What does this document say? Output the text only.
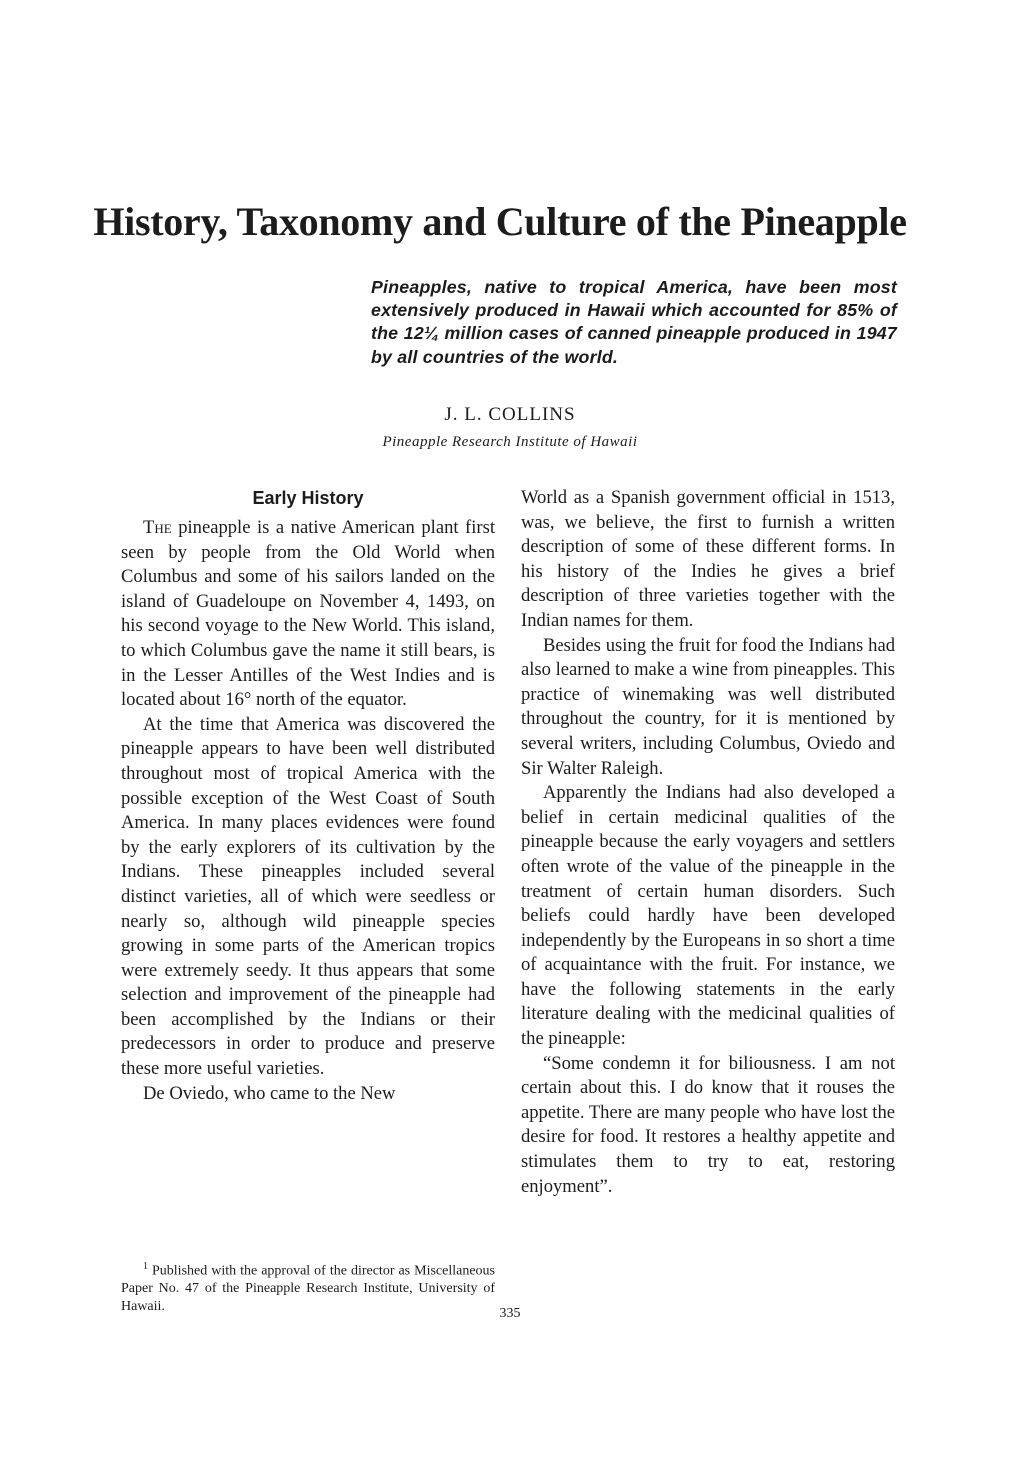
History, Taxonomy and Culture of the Pineapple

Pineapples, native to tropical America, have been most extensively produced in Hawaii which accounted for 85% of the 12¼ million cases of canned pineapple produced in 1947 by all countries of the world.

J. L. COLLINS
Pineapple Research Institute of Hawaii
Early History

The pineapple is a native American plant first seen by people from the Old World when Columbus and some of his sailors landed on the island of Guadeloupe on November 4, 1493, on his second voyage to the New World. This island, to which Columbus gave the name it still bears, is in the Lesser Antilles of the West Indies and is located about 16° north of the equator.

At the time that America was discovered the pineapple appears to have been well distributed throughout most of tropical America with the possible exception of the West Coast of South America. In many places evidences were found by the early explorers of its cultivation by the Indians. These pineapples included several distinct varieties, all of which were seedless or nearly so, although wild pineapple species growing in some parts of the American tropics were extremely seedy. It thus appears that some selection and improvement of the pineapple had been accomplished by the Indians or their predecessors in order to produce and preserve these more useful varieties.

De Oviedo, who came to the New

$^1$ Published with the approval of the director as Miscellaneous Paper No. 47 of the Pineapple Research Institute, University of Hawaii.

World as a Spanish government official in 1513, was, we believe, the first to furnish a written description of some of these different forms. In his history of the Indies he gives a brief description of three varieties together with the Indian names for them.

Besides using the fruit for food the Indians had also learned to make a wine from pineapples. This practice of winemaking was well distributed throughout the country, for it is mentioned by several writers, including Columbus, Oviedo and Sir Walter Raleigh.

Apparently the Indians had also developed a belief in certain medicinal qualities of the pineapple because the early voyagers and settlers often wrote of the value of the pineapple in the treatment of certain human disorders. Such beliefs could hardly have been developed independently by the Europeans in so short a time of acquaintance with the fruit. For instance, we have the following statements in the early literature dealing with the medicinal qualities of the pineapple:

“Some condemn it for biliousness. I am not certain about this. I do know that it rouses the appetite. There are many people who have lost the desire for food. It restores a healthy appetite and stimulates them to try to eat, restoring enjoyment”.

335
